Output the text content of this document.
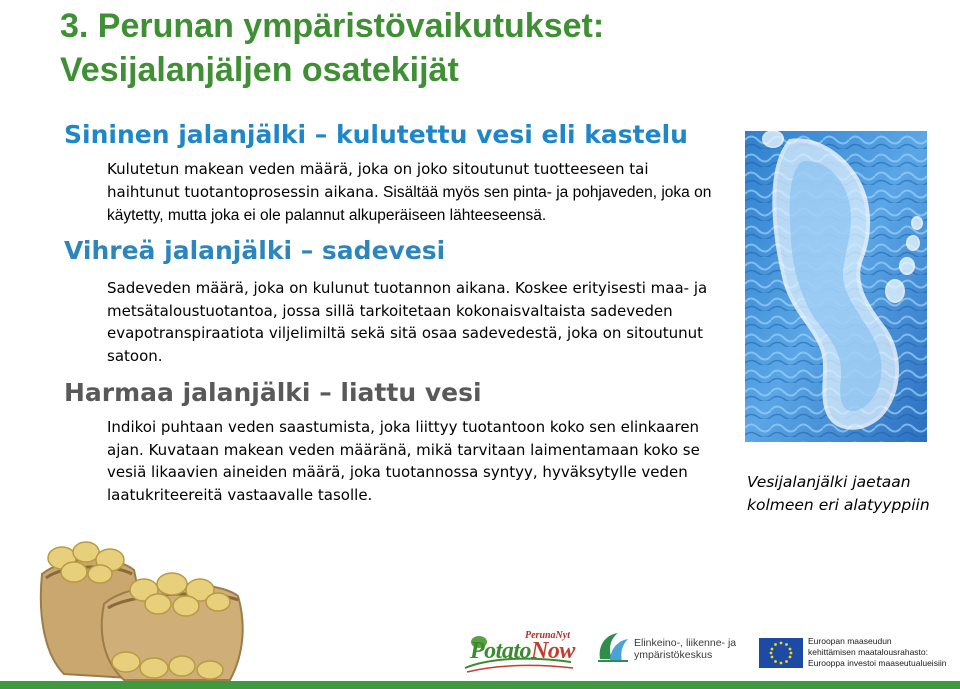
3. Perunan ympäristövaikutukset: Vesijalanjäljen osatekijät
Sininen jalanjälki – kulutettu vesi eli kastelu

Kulutetun makean veden määrä, joka on joko sitoutunut tuotteeseen tai haihtunut tuotantoprosessin aikana. Sisältää myös sen pinta- ja pohjaveden, joka on käytetty, mutta joka ei ole palannut alkuperäiseen lähteeseensä.

Vihreä jalanjälki – sadevesi

Sadeveden määrä, joka on kulunut tuotannon aikana. Koskee erityisesti maa- ja metsätaloustuotantoa, jossa sillä tarkoitetaan kokonaisvaltaista sadeveden evapotranspiraatiota viljelimiltä sekä sitä osaa sadevedestä, joka on sitoutunut satoon.

Harmaa jalanjälki – liattu vesi

Indikoi puhtaan veden saastumista, joka liittyy tuotantoon koko sen elinkaaren ajan. Kuvataan makean veden määränä, mikä tarvitaan laimentamaan koko se vesiä likaavien aineiden määrä, joka tuotannossa syntyy, hyväksytylle veden laatukriteereitä vastaavalle tasolle.

Vesijalanjälki jaetaan kolmeen eri alatyyppiin

PerunaNyt
PotatoNow	Elinkeino-, liikenne- ja
ympäristökeskus

Euroopan maaseudun
kehittämisen maatalousrahasto:
Eurooppa investoi maaseutualueisiin
